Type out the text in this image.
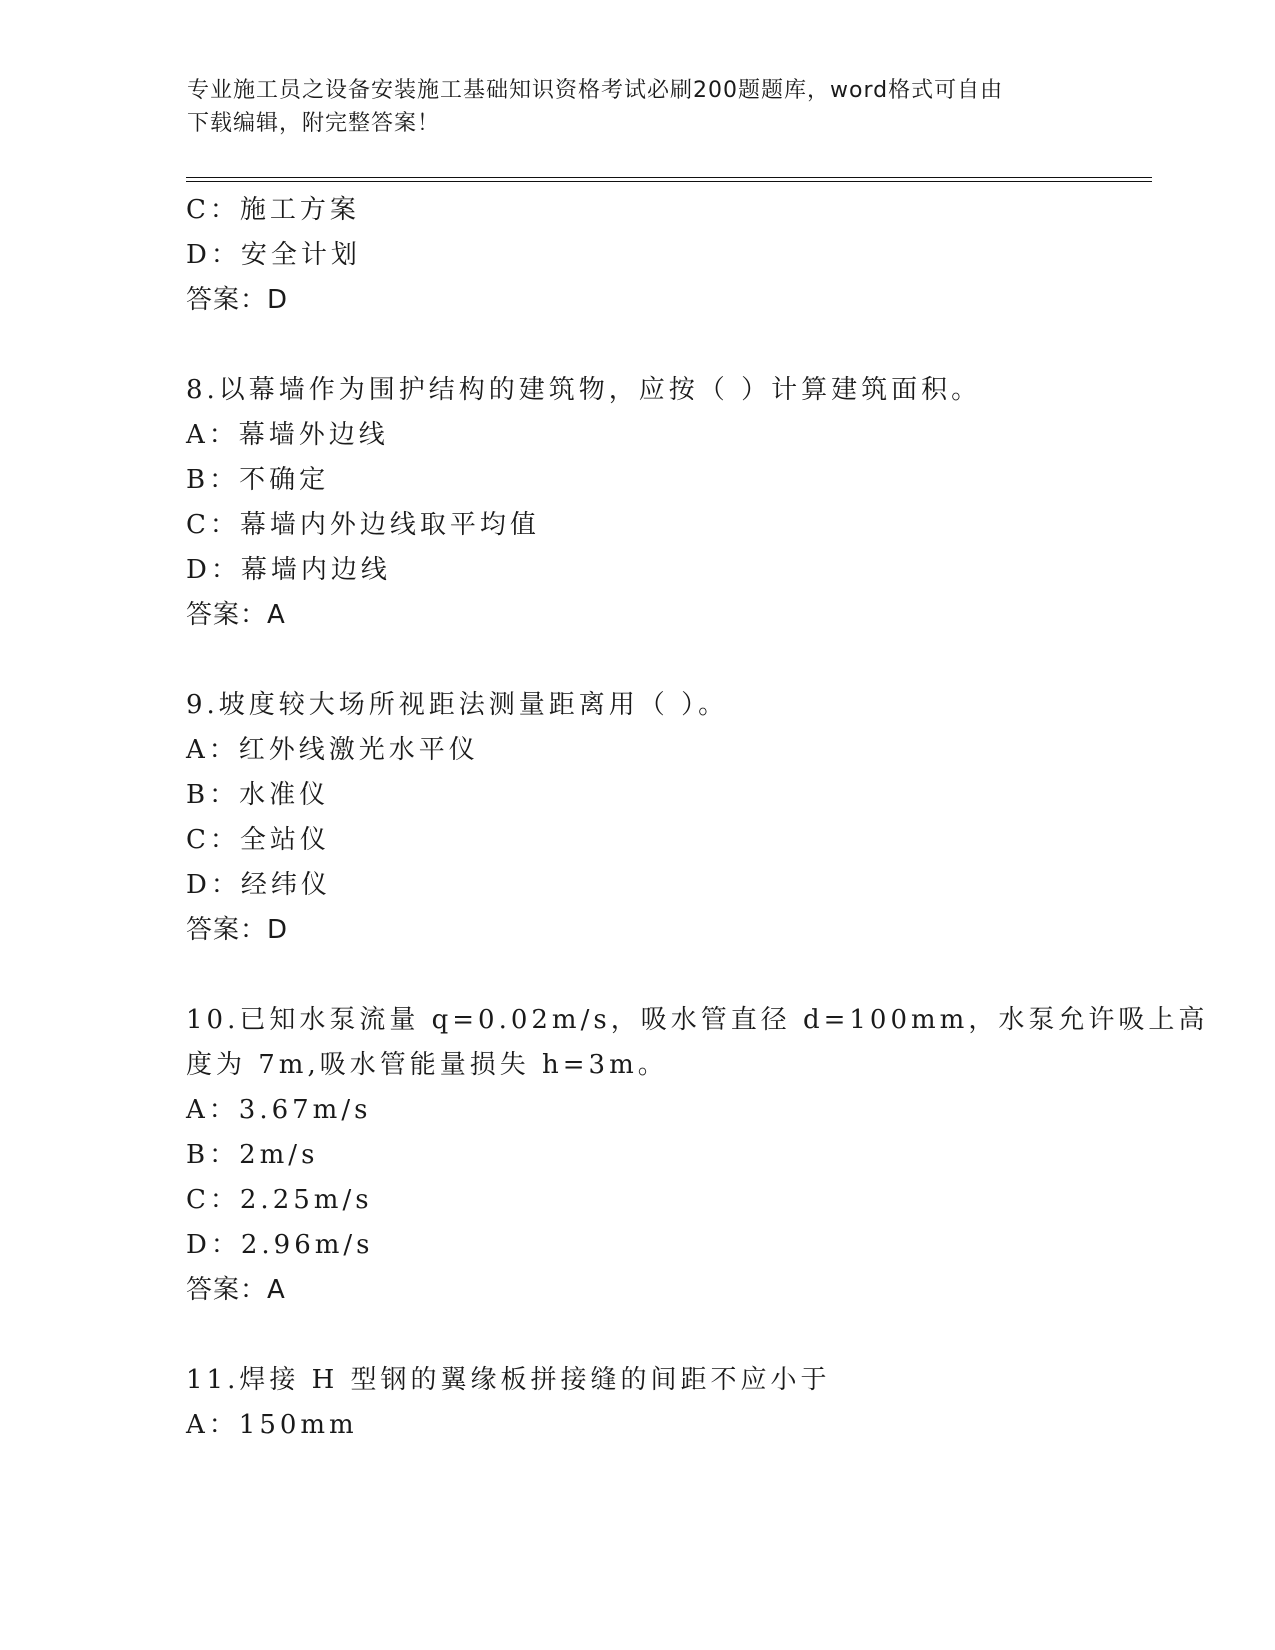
专业施工员之设备安装施工基础知识资格考试必刷200题题库，word格式可自由
下载编辑，附完整答案！
C：施工方案
D：安全计划
答案：D
8.以幕墙作为围护结构的建筑物，应按（ ）计算建筑面积。
A：幕墙外边线
B：不确定
C：幕墙内外边线取平均值
D：幕墙内边线
答案：A
9.坡度较大场所视距法测量距离用（ ）。
A：红外线激光水平仪
B：水准仪
C：全站仪
D：经纬仪
答案：D
10.已知水泵流量 q=0.02m/s，吸水管直径 d=100mm，水泵允许吸上高
度为 7m,吸水管能量损失 h=3m。
A：3.67m/s
B：2m/s
C：2.25m/s
D：2.96m/s
答案：A
11.焊接 H 型钢的翼缘板拼接缝的间距不应小于
A：150mm
